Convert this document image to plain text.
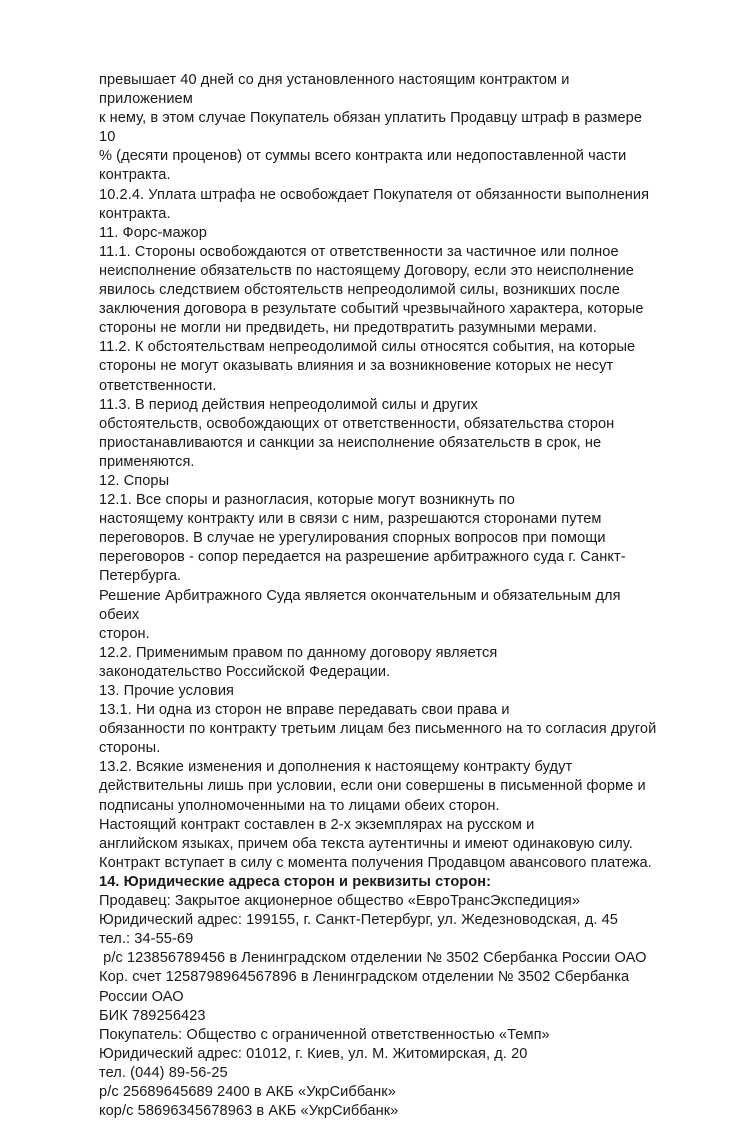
превышает 40 дней со дня установленного настоящим контрактом и приложением
к нему, в этом случае Покупатель обязан уплатить Продавцу штраф в размере 10
% (десяти проценов) от суммы всего контракта или недопоставленной части
контракта.
10.2.4. Уплата штрафа не освобождает Покупателя от обязанности выполнения
контракта.
11. Форс-мажор
11.1. Стороны освобождаются от ответственности за частичное или полное
неисполнение обязательств по настоящему Договору, если это неисполнение
явилось следствием обстоятельств непреодолимой силы, возникших после
заключения договора в результате событий чрезвычайного характера, которые
стороны не могли ни предвидеть, ни предотвратить разумными мерами.
11.2. К обстоятельствам непреодолимой силы относятся события, на которые
стороны не могут оказывать влияния и за возникновение которых не несут
ответственности.
11.3. В период действия непреодолимой силы и других
обстоятельств, освобождающих от ответственности, обязательства сторон
приостанавливаются и санкции за неисполнение обязательств в срок, не
применяются.
12. Споры
12.1. Все споры и разногласия, которые могут возникнуть по
настоящему контракту или в связи с ним, разрешаются сторонами путем
переговоров. В случае не урегулирования спорных вопросов при помощи
переговоров - сопор передается на разрешение арбитражного суда г. Санкт-
Петербурга.
Решение Арбитражного Суда является окончательным и обязательным для обеих
сторон.
12.2. Применимым правом по данному договору является
законодательство Российской Федерации.
13. Прочие условия
13.1. Ни одна из сторон не вправе передавать свои права и
обязанности по контракту третьим лицам без письменного на то согласия другой
стороны.
13.2. Всякие изменения и дополнения к настоящему контракту будут
действительны лишь при условии, если они совершены в письменной форме и
подписаны уполномоченными на то лицами обеих сторон.
Настоящий контракт составлен в 2-х экземплярах на русском и
английском языках, причем оба текста аутентичны и имеют одинаковую силу.
Контракт вступает в силу с момента получения Продавцом авансового платежа.
14. Юридические адреса сторон и реквизиты сторон:
Продавец: Закрытое акционерное общество «ЕвроТрансЭкспедиция»
Юридический адрес: 199155, г. Санкт-Петербург, ул. Жедезноводская, д. 45
тел.: 34-55-69
р/с 123856789456 в Ленинградском отделении № 3502 Сбербанка России ОАО
Кор. счет 1258798964567896 в Ленинградском отделении № 3502 Сбербанка
России ОАО
БИК 789256423
Покупатель: Общество с ограниченной ответственностью «Темп»
Юридический адрес: 01012, г. Киев, ул. М. Житомирская, д. 20
тел. (044) 89-56-25
р/с 25689645689 2400 в АКБ «УкрСиббанк»
кор/с 58696345678963 в АКБ «УкрСиббанк»
